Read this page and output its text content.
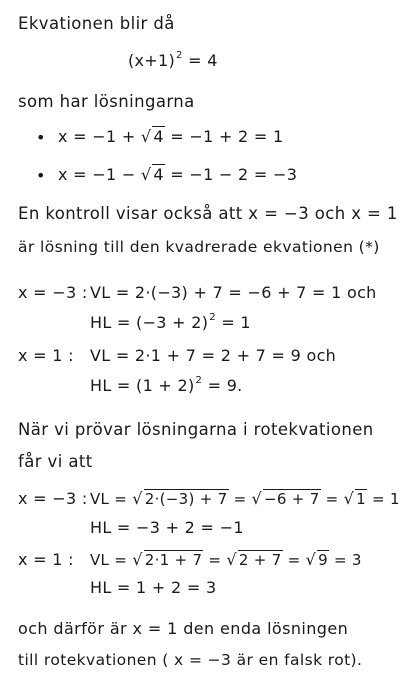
Ekvationen blir då
$(x+1)^2 = 4$
som har lösningarna
• x = −1 + √ 4 = −1 + 2 = 1
• x = −1 − √ 4 = −1 − 2 = −3
En kontroll visar också att x = −3 och x = 1
är lösning till den kvadrerade ekvationen (*)
x = −3 : VL = 2·(−3) + 7 = −6 + 7 = 1 och
HL = $(-3 + 2)^2 = 1$
x = 1 : VL = 2·1 + 7 = 2 + 7 = 9 och
HL = $(1 + 2)^2 = 9$.
När vi prövar lösningarna i rotekvationen
får vi att
x = −3 : VL = √ 2·(−3) + 7 = √ −6 + 7 = √ 1 = 1
HL = −3 + 2 = −1
x = 1 : VL = √ 2·1 + 7 = √ 2 + 7 = √ 9 = 3
HL = 1 + 2 = 3
och därför är x = 1 den enda lösningen
till rotekvationen ( x = −3 är en falsk rot).
